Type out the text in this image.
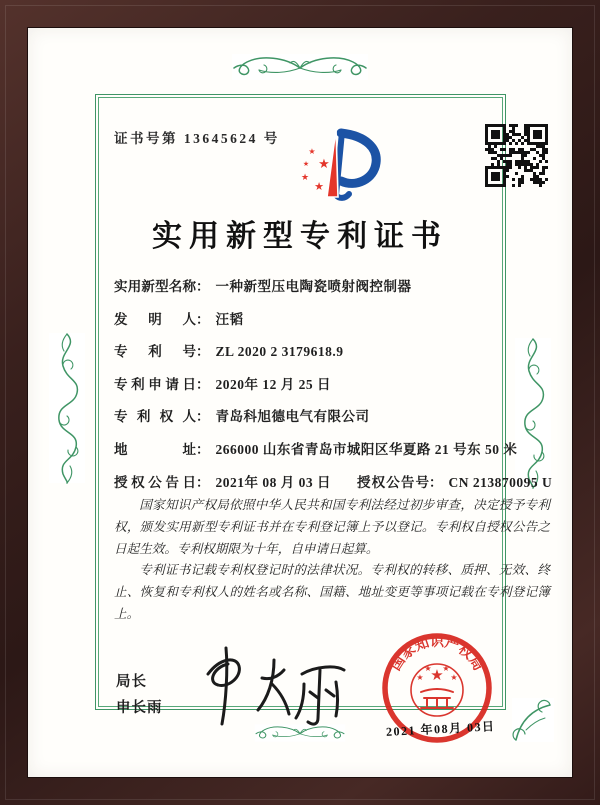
证书号第 13645624 号
★
★
★
★
★
实用新型专利证书
实用新型名称 ： 一种新型压电陶瓷喷射阀控制器
发明人 ： 汪韬
专利号 ： ZL 2020 2 3179618.9
专利申请日 ： 2020年 12 月 25 日
专利权人 ： 青岛科旭德电气有限公司
地址 ： 266000 山东省青岛市城阳区华夏路 21 号东 50 米
授权公告日 ： 2021年 08 月 03 日 授权公告号 ： CN 213870095 U

国家知识产权局依照中华人民共和国专利法经过初步审查，决定授予专利权，颁发实用新型专利证书并在专利登记簿上予以登记。专利权自授权公告之日起生效。专利权期限为十年，自申请日起算。

专利证书记载专利权登记时的法律状况。专利权的转移、质押、无效、终止、恢复和专利权人的姓名或名称、国籍、地址变更等事项记载在专利登记簿上。

局长
申长雨
国家知识产权局
★
★
★ ★
★
2021 年08月 03日
